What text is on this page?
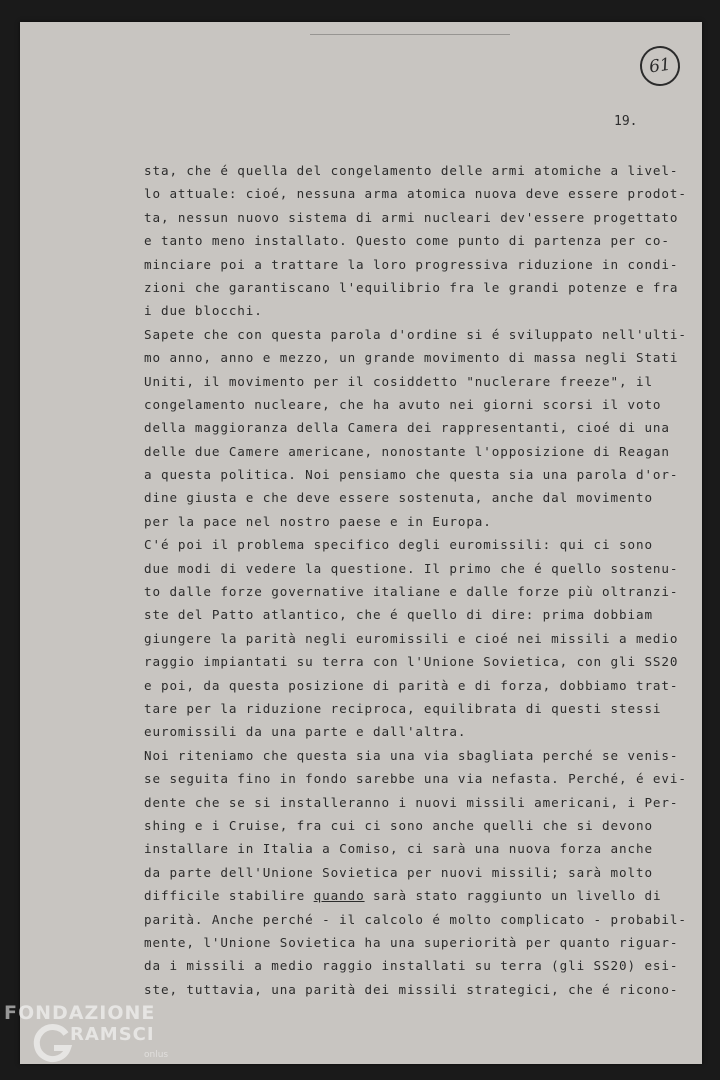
61
19.
sta, che é quella del congelamento delle armi atomiche a livel-
lo attuale: cioé, nessuna arma atomica nuova deve essere prodot-
ta, nessun nuovo sistema di armi nucleari dev'essere progettato
e tanto meno installato. Questo come punto di partenza per co-
minciare poi a trattare la loro progressiva riduzione in condi-
zioni che garantiscano l'equilibrio fra le grandi potenze e fra
i due blocchi.
Sapete che con questa parola d'ordine si é sviluppato nell'ulti-
mo anno, anno e mezzo, un grande movimento di massa negli Stati
Uniti, il movimento per il cosiddetto "nuclerare freeze", il
congelamento nucleare, che ha avuto nei giorni scorsi il voto
della maggioranza della Camera dei rappresentanti, cioé di una
delle due Camere americane, nonostante l'opposizione di Reagan
a questa politica. Noi pensiamo che questa sia una parola d'or-
dine giusta e che deve essere sostenuta, anche dal movimento
per la pace nel nostro paese e in Europa.
C'é poi il problema specifico degli euromissili: qui ci sono
due modi di vedere la questione. Il primo che é quello sostenu-
to dalle forze governative italiane e dalle forze più oltranzi-
ste del Patto atlantico, che é quello di dire: prima dobbiam
giungere la parità negli euromissili e cioé nei missili a medio
raggio impiantati su terra con l'Unione Sovietica, con gli SS20
e poi, da questa posizione di parità e di forza, dobbiamo trat-
tare per la riduzione reciproca, equilibrata di questi stessi
euromissili da una parte e dall'altra.
Noi riteniamo che questa sia una via sbagliata perché se venis-
se seguita fino in fondo sarebbe una via nefasta. Perché, é evi-
dente che se si installeranno i nuovi missili americani, i Per-
shing e i Cruise, fra cui ci sono anche quelli che si devono
installare in Italia a Comiso, ci sarà una nuova forza anche
da parte dell'Unione Sovietica per nuovi missili; sarà molto
difficile stabilire quando sarà stato raggiunto un livello di
parità. Anche perché - il calcolo é molto complicato - probabil-
mente, l'Unione Sovietica ha una superiorità per quanto riguar-
da i missili a medio raggio installati su terra (gli SS20) esi-
ste, tuttavia, una parità dei missili strategici, che é ricono-
FONDAZIONE
RAMSCI
onlus
